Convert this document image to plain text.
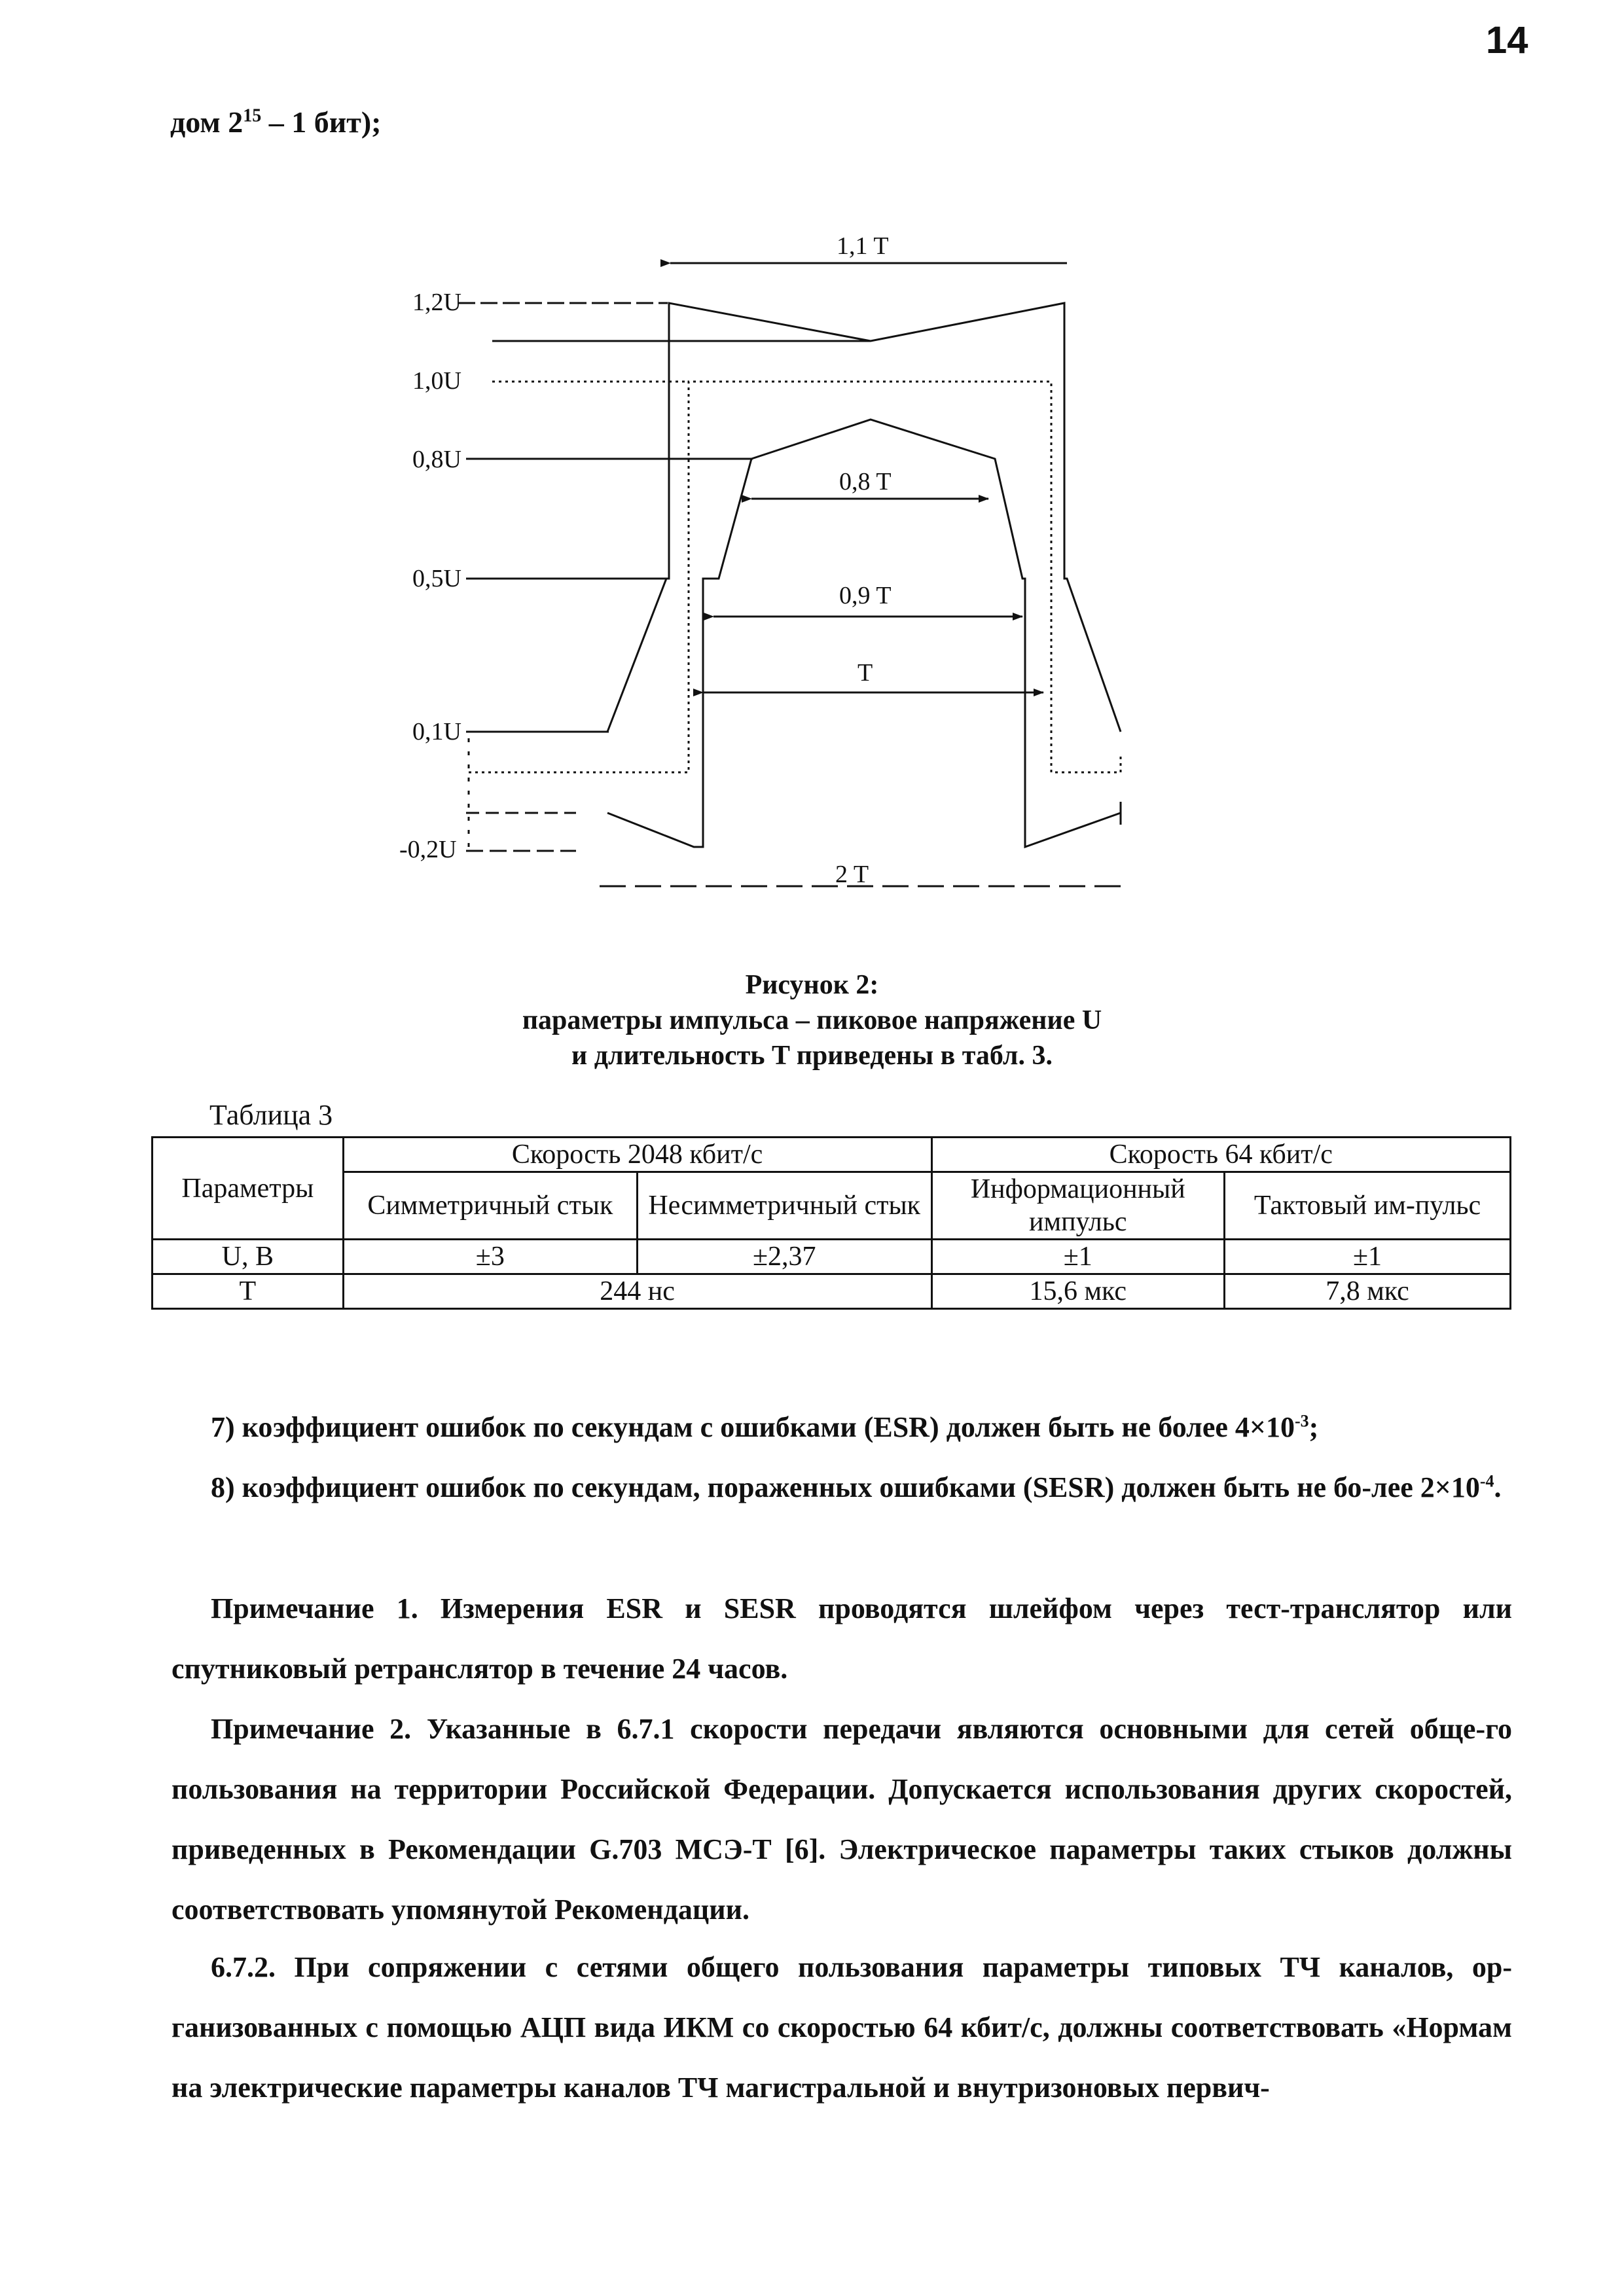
14
дом $2^{15} - 1$ бит);
1,2U
1,0U
0,8U
0,5U
0,1U
-0,2U
1,1 T
0,8 T
0,9 T
T
2 T
Рисунок 2:
параметры импульса – пиковое напряжение U
и длительность T приведены в табл. 3.
Таблица 3
Параметры	Скорость 2048 кбит/с		Скорость 64 кбит/с	
	Симметричный стык	Несимметричный стык	Информационный импульс	Тактовый им-пульс
U, B	±3	±2,37	±1	±1
T	244 нс		15,6 мкс	7,8 мкс
7) коэффициент ошибок по секундам с ошибками (ESR) должен быть не более $4\times 10^{-3}$;
8) коэффициент ошибок по секундам, пораженных ошибками (SESR) должен быть не бо-лее $2\times 10^{-4}$.
Примечание 1. Измерения ESR и SESR проводятся шлейфом через тест-транслятор или спутниковый ретранслятор в течение 24 часов.
Примечание 2. Указанные в 6.7.1 скорости передачи являются основными для сетей обще-го пользования на территории Российской Федерации. Допускается использования других скоростей, приведенных в Рекомендации G.703 МСЭ-Т [6]. Электрическое параметры таких стыков должны соответствовать упомянутой Рекомендации.
6.7.2. При сопряжении с сетями общего пользования параметры типовых ТЧ каналов, ор-ганизованных с помощью АЦП вида ИКМ со скоростью 64 кбит/с, должны соответствовать «Нормам на электрические параметры каналов ТЧ магистральной и внутризоновых первич-
